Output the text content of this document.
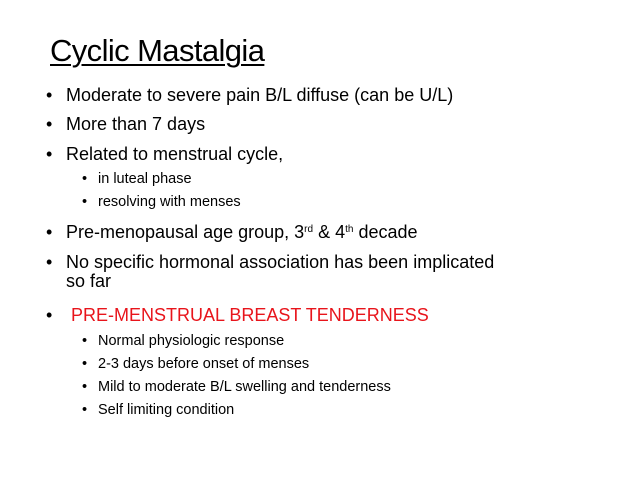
Cyclic Mastalgia
• Moderate to severe pain B/L diffuse (can be U/L)
• More than 7 days
• Related to menstrual cycle,
• in luteal phase
• resolving with menses
• Pre-menopausal age group, 3rd & 4th decade
• No specific hormonal association has been implicated
so far
• PRE-MENSTRUAL BREAST TENDERNESS
• Normal physiologic response
• 2-3 days before onset of menses
• Mild to moderate B/L swelling and tenderness
• Self limiting condition
